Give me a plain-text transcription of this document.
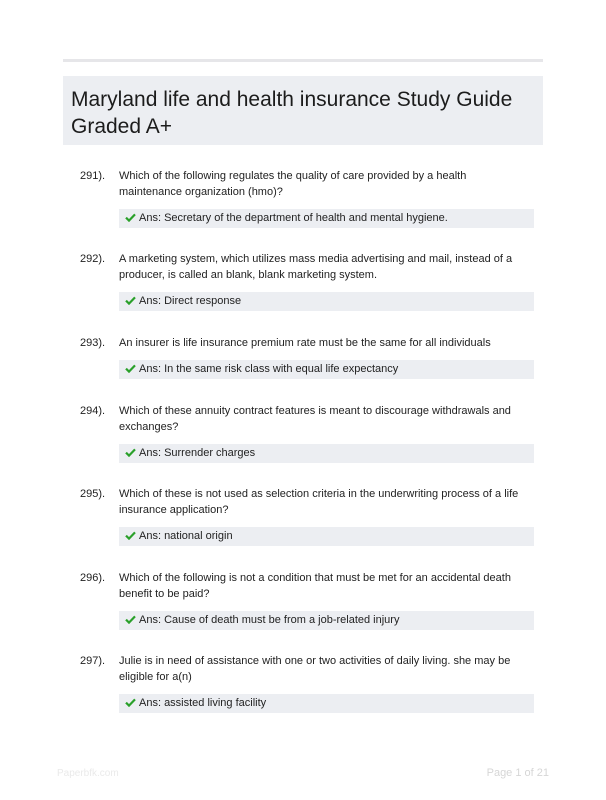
Maryland life and health insurance Study Guide Graded A+
291). Which of the following regulates the quality of care provided by a health maintenance organization (hmo)?
Ans: Secretary of the department of health and mental hygiene.
292). A marketing system, which utilizes mass media advertising and mail, instead of a producer, is called an blank, blank marketing system.
Ans: Direct response
293). An insurer is life insurance premium rate must be the same for all individuals
Ans: In the same risk class with equal life expectancy
294). Which of these annuity contract features is meant to discourage withdrawals and exchanges?
Ans: Surrender charges
295). Which of these is not used as selection criteria in the underwriting process of a life insurance application?
Ans: national origin
296). Which of the following is not a condition that must be met for an accidental death benefit to be paid?
Ans: Cause of death must be from a job-related injury
297). Julie is in need of assistance with one or two activities of daily living. she may be eligible for a(n)
Ans: assisted living facility
Paperbfk.com	Page 1 of 21
